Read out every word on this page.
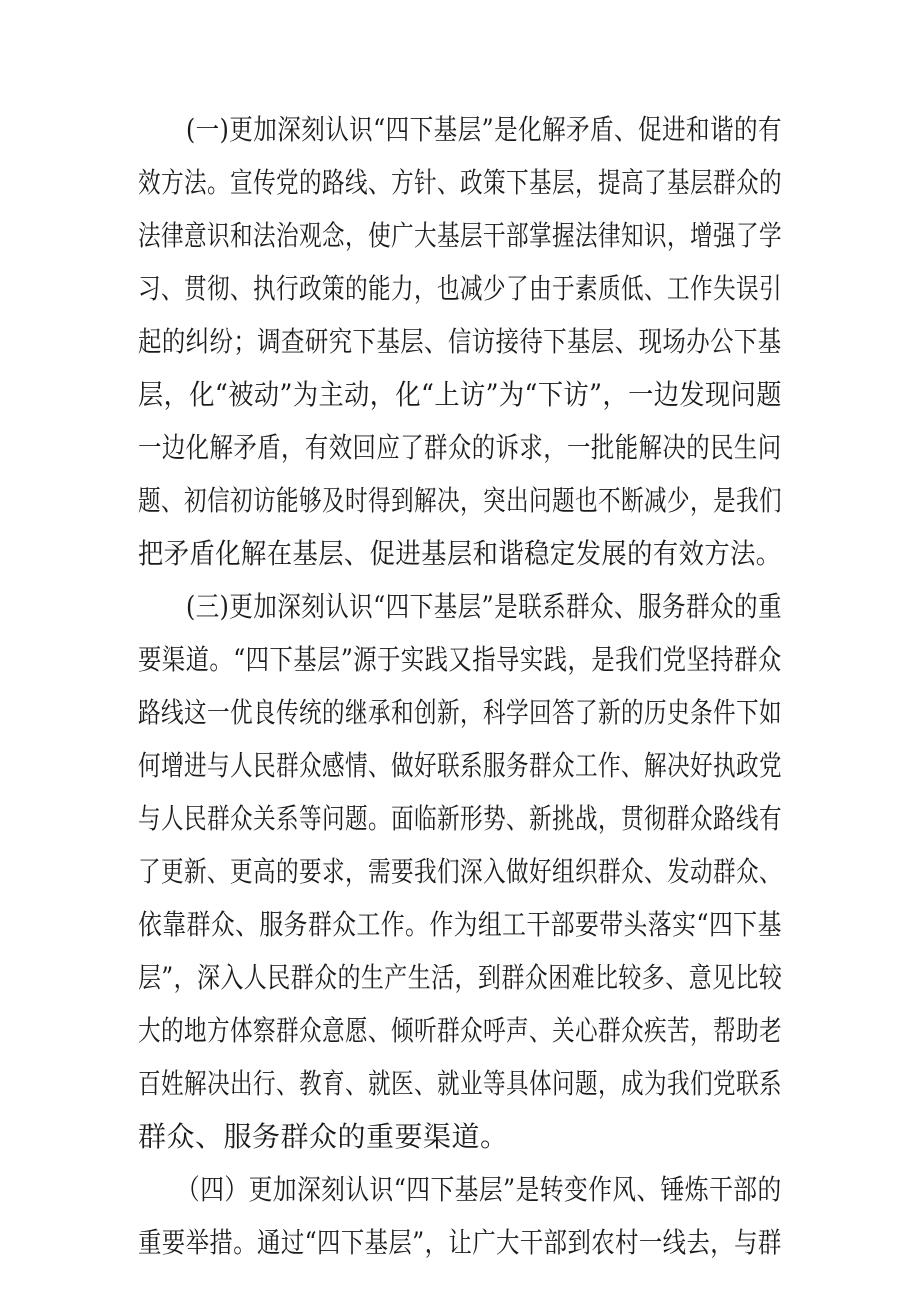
(一)更加深刻认识“四下基层”是化解矛盾、促进和谐的有
效方法。宣传党的路线、方针、政策下基层，提高了基层群众的
法律意识和法治观念，使广大基层干部掌握法律知识，增强了学
习、贯彻、执行政策的能力，也减少了由于素质低、工作失误引
起的纠纷；调查研究下基层、信访接待下基层、现场办公下基
层，化“被动”为主动，化“上访”为“下访”，一边发现问题
一边化解矛盾，有效回应了群众的诉求，一批能解决的民生问
题、初信初访能够及时得到解决，突出问题也不断减少，是我们
把矛盾化解在基层、促进基层和谐稳定发展的有效方法。
(三)更加深刻认识“四下基层”是联系群众、服务群众的重
要渠道。“四下基层”源于实践又指导实践，是我们党坚持群众
路线这一优良传统的继承和创新，科学回答了新的历史条件下如
何增进与人民群众感情、做好联系服务群众工作、解决好执政党
与人民群众关系等问题。面临新形势、新挑战，贯彻群众路线有
了更新、更高的要求，需要我们深入做好组织群众、发动群众、
依靠群众、服务群众工作。作为组工干部要带头落实“四下基
层”，深入人民群众的生产生活，到群众困难比较多、意见比较
大的地方体察群众意愿、倾听群众呼声、关心群众疾苦，帮助老
百姓解决出行、教育、就医、就业等具体问题，成为我们党联系
群众、服务群众的重要渠道。
（四）更加深刻认识“四下基层”是转变作风、锤炼干部的
重要举措。通过“四下基层”，让广大干部到农村一线去，与群
